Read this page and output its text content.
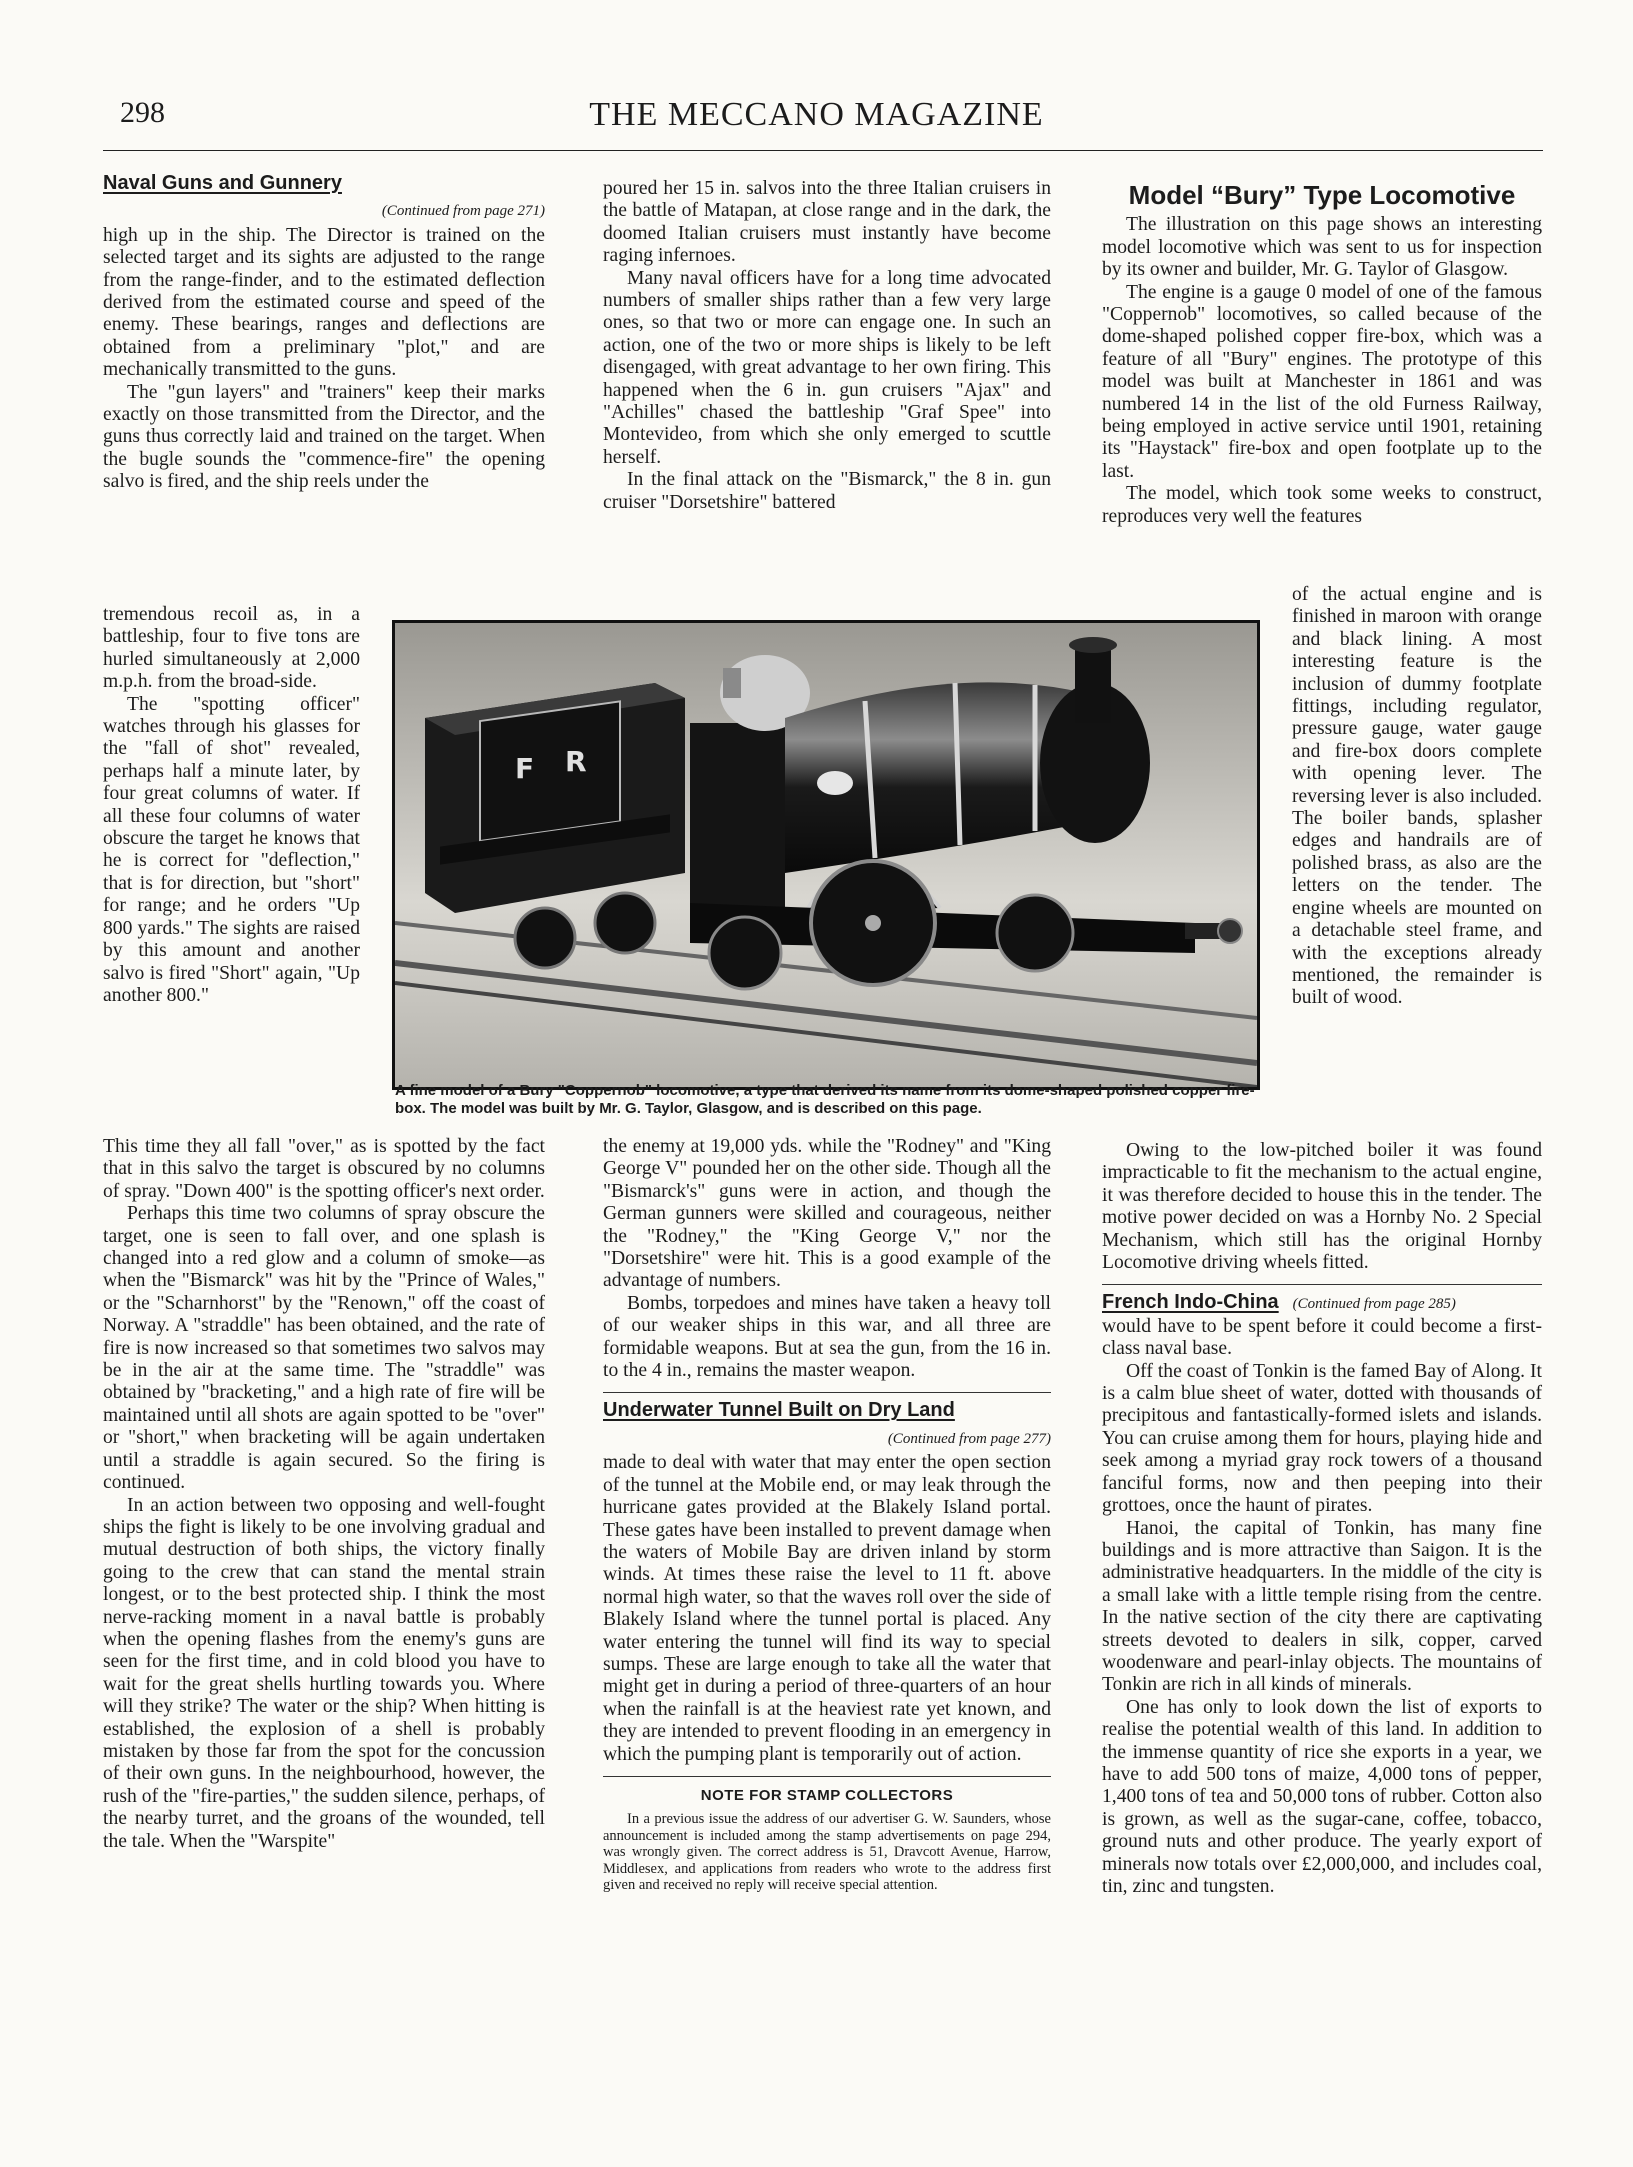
298	THE MECCANO MAGAZINE
Naval Guns and Gunnery
(Continued from page 271)

high up in the ship. The Director is trained on the selected target and its sights are adjusted to the range from the range-finder, and to the estimated deflection derived from the estimated course and speed of the enemy. These bearings, ranges and deflections are obtained from a preliminary "plot," and are mechanically transmitted to the guns.

The "gun layers" and "trainers" keep their marks exactly on those transmitted from the Director, and the guns thus correctly laid and trained on the target. When the bugle sounds the "commence-fire" the opening salvo is fired, and the ship reels under the

tremendous recoil as, in a battleship, four to five tons are hurled simultaneously at 2,000 m.p.h. from the broad-side.

The "spotting officer" watches through his glasses for the "fall of shot" revealed, perhaps half a minute later, by four great columns of water. If all these four columns of water obscure the target he knows that he is correct for "deflection," that is for direction, but "short" for range; and he orders "Up 800 yards." The sights are raised by this amount and another salvo is fired "Short" again, "Up another 800."

This time they all fall "over," as is spotted by the fact that in this salvo the target is obscured by no columns of spray. "Down 400" is the spotting officer's next order.

Perhaps this time two columns of spray obscure the target, one is seen to fall over, and one splash is changed into a red glow and a column of smoke—as when the "Bismarck" was hit by the "Prince of Wales," or the "Scharnhorst" by the "Renown," off the coast of Norway. A "straddle" has been obtained, and the rate of fire is now increased so that sometimes two salvos may be in the air at the same time. The "straddle" was obtained by "bracketing," and a high rate of fire will be maintained until all shots are again spotted to be "over" or "short," when bracketing will be again undertaken until a straddle is again secured. So the firing is continued.

In an action between two opposing and well-fought ships the fight is likely to be one involving gradual and mutual destruction of both ships, the victory finally going to the crew that can stand the mental strain longest, or to the best protected ship. I think the most nerve-racking moment in a naval battle is probably when the opening flashes from the enemy's guns are seen for the first time, and in cold blood you have to wait for the great shells hurtling towards you. Where will they strike? The water or the ship? When hitting is established, the explosion of a shell is probably mistaken by those far from the spot for the concussion of their own guns. In the neighbourhood, however, the rush of the "fire-parties," the sudden silence, perhaps, of the nearby turret, and the groans of the wounded, tell the tale. When the "Warspite"

poured her 15 in. salvos into the three Italian cruisers in the battle of Matapan, at close range and in the dark, the doomed Italian cruisers must instantly have become raging infernoes.

Many naval officers have for a long time advocated numbers of smaller ships rather than a few very large ones, so that two or more can engage one. In such an action, one of the two or more ships is likely to be left disengaged, with great advantage to her own firing. This happened when the 6 in. gun cruisers "Ajax" and "Achilles" chased the battleship "Graf Spee" into Montevideo, from which she only emerged to scuttle herself.

In the final attack on the "Bismarck," the 8 in. gun cruiser "Dorsetshire" battered

the enemy at 19,000 yds. while the "Rodney" and "King George V" pounded her on the other side. Though all the "Bismarck's" guns were in action, and though the German gunners were skilled and courageous, neither the "Rodney," the "King George V," nor the "Dorsetshire" were hit. This is a good example of the advantage of numbers.

Bombs, torpedoes and mines have taken a heavy toll of our weaker ships in this war, and all three are formidable weapons. But at sea the gun, from the 16 in. to the 4 in., remains the master weapon.

Underwater Tunnel Built on Dry Land
(Continued from page 277)

made to deal with water that may enter the open section of the tunnel at the Mobile end, or may leak through the hurricane gates provided at the Blakely Island portal. These gates have been installed to prevent damage when the waters of Mobile Bay are driven inland by storm winds. At times these raise the level to 11 ft. above normal high water, so that the waves roll over the side of Blakely Island where the tunnel portal is placed. Any water entering the tunnel will find its way to special sumps. These are large enough to take all the water that might get in during a period of three-quarters of an hour when the rainfall is at the heaviest rate yet known, and they are intended to prevent flooding in an emergency in which the pumping plant is temporarily out of action.

NOTE FOR STAMP COLLECTORS

In a previous issue the address of our advertiser G. W. Saunders, whose announcement is included among the stamp advertisements on page 294, was wrongly given. The correct address is 51, Dravcott Avenue, Harrow, Middlesex, and applications from readers who wrote to the address first given and received no reply will receive special attention.

Model “Bury” Type Locomotive

The illustration on this page shows an interesting model locomotive which was sent to us for inspection by its owner and builder, Mr. G. Taylor of Glasgow.

The engine is a gauge 0 model of one of the famous "Coppernob" locomotives, so called because of the dome-shaped polished copper fire-box, which was a feature of all "Bury" engines. The prototype of this model was built at Manchester in 1861 and was numbered 14 in the list of the old Furness Railway, being employed in active service until 1901, retaining its "Haystack" fire-box and open footplate up to the last.

The model, which took some weeks to construct, reproduces very well the features

of the actual engine and is finished in maroon with orange and black lining. A most interesting feature is the inclusion of dummy footplate fittings, including regulator, pressure gauge, water gauge and fire-box doors complete with opening lever. The reversing lever is also included. The boiler bands, splasher edges and handrails are of polished brass, as also are the letters on the tender. The engine wheels are mounted on a detachable steel frame, and with the exceptions already mentioned, the remainder is built of wood.

Owing to the low-pitched boiler it was found impracticable to fit the mechanism to the actual engine, it was therefore decided to house this in the tender. The motive power decided on was a Hornby No. 2 Special Mechanism, which still has the original Hornby Locomotive driving wheels fitted.

French Indo-China (Continued from page 285)

would have to be spent before it could become a first-class naval base.

Off the coast of Tonkin is the famed Bay of Along. It is a calm blue sheet of water, dotted with thousands of precipitous and fantastically-formed islets and islands. You can cruise among them for hours, playing hide and seek among a myriad gray rock towers of a thousand fanciful forms, now and then peeping into their grottoes, once the haunt of pirates.

Hanoi, the capital of Tonkin, has many fine buildings and is more attractive than Saigon. It is the administrative headquarters. In the middle of the city is a small lake with a little temple rising from the centre. In the native section of the city there are captivating streets devoted to dealers in silk, copper, carved woodenware and pearl-inlay objects. The mountains of Tonkin are rich in all kinds of minerals.

One has only to look down the list of exports to realise the potential wealth of this land. In addition to the immense quantity of rice she exports in a year, we have to add 500 tons of maize, 4,000 tons of pepper, 1,400 tons of tea and 50,000 tons of rubber. Cotton also is grown, as well as the sugar-cane, coffee, tobacco, ground nuts and other produce. The yearly export of minerals now totals over £2,000,000, and includes coal, tin, zinc and tungsten.

F R
A fine model of a Bury "Coppernob" locomotive, a type that derived its name from its dome-shaped polished copper fire-box. The model was built by Mr. G. Taylor, Glasgow, and is described on this page.
